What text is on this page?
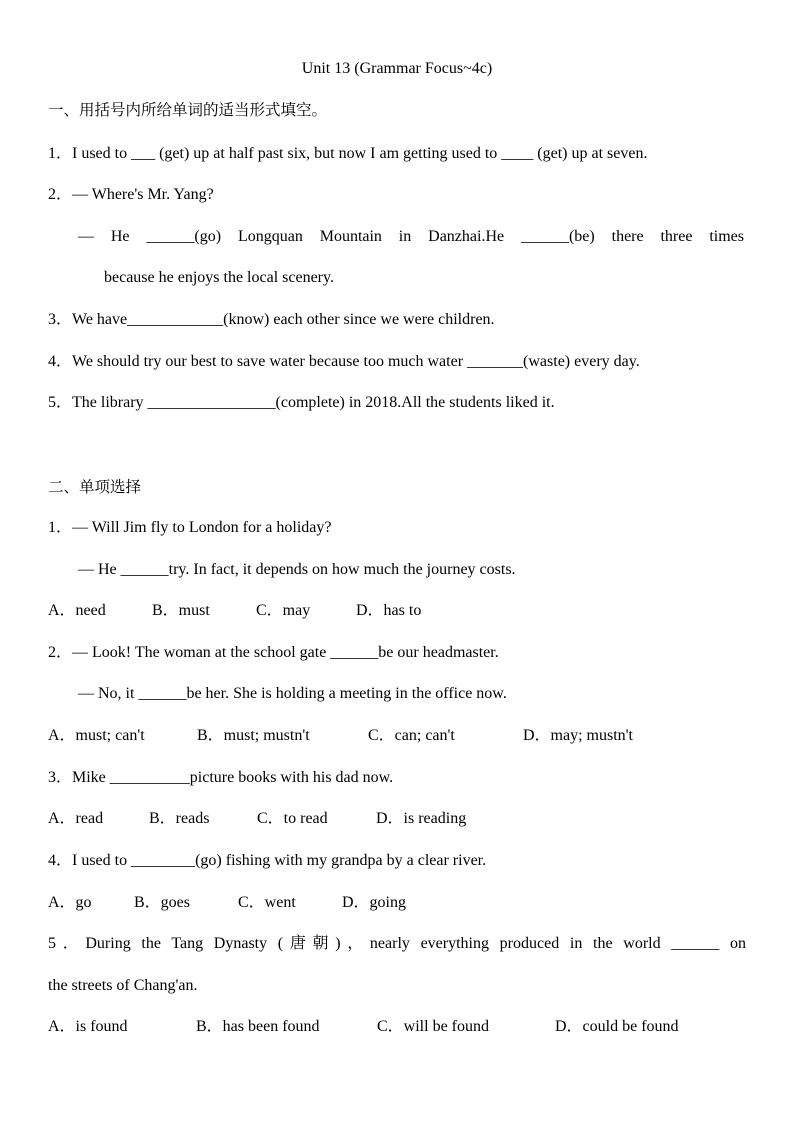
Unit 13 (Grammar Focus~4c)
一、用括号内所给单词的适当形式填空。
1．I used to ___ (get) up at half past six, but now I am getting used to ____ (get) up at seven.
2．— Where's Mr. Yang?
— He ______(go) Longquan Mountain in Danzhai.He ______(be) there three times
because he enjoys the local scenery.
3．We have____________(know) each other since we were children.
4．We should try our best to save water because too much water _______(waste) every day.
5．The library ________________(complete) in 2018.All the students liked it.
二、单项选择
1．— Will Jim fly to London for a holiday?
— He ______try. In fact, it depends on how much the journey costs.
A．need	B．must	C．may	D．has to
2．— Look! The woman at the school gate ______be our headmaster.
— No, it ______be her. She is holding a meeting in the office now.
A．must; can't	B．must; mustn't	C．can; can't	D．may; mustn't
3．Mike __________picture books with his dad now.
A．read	B．reads	C．to read	D．is reading
4．I used to ________(go) fishing with my grandpa by a clear river.
A．go	B．goes	C．went	D．going
5．During the Tang Dynasty (唐朝)，nearly everything produced in the world ______ on
the streets of Chang'an.
A．is found	B．has been found	C．will be found	D．could be found
